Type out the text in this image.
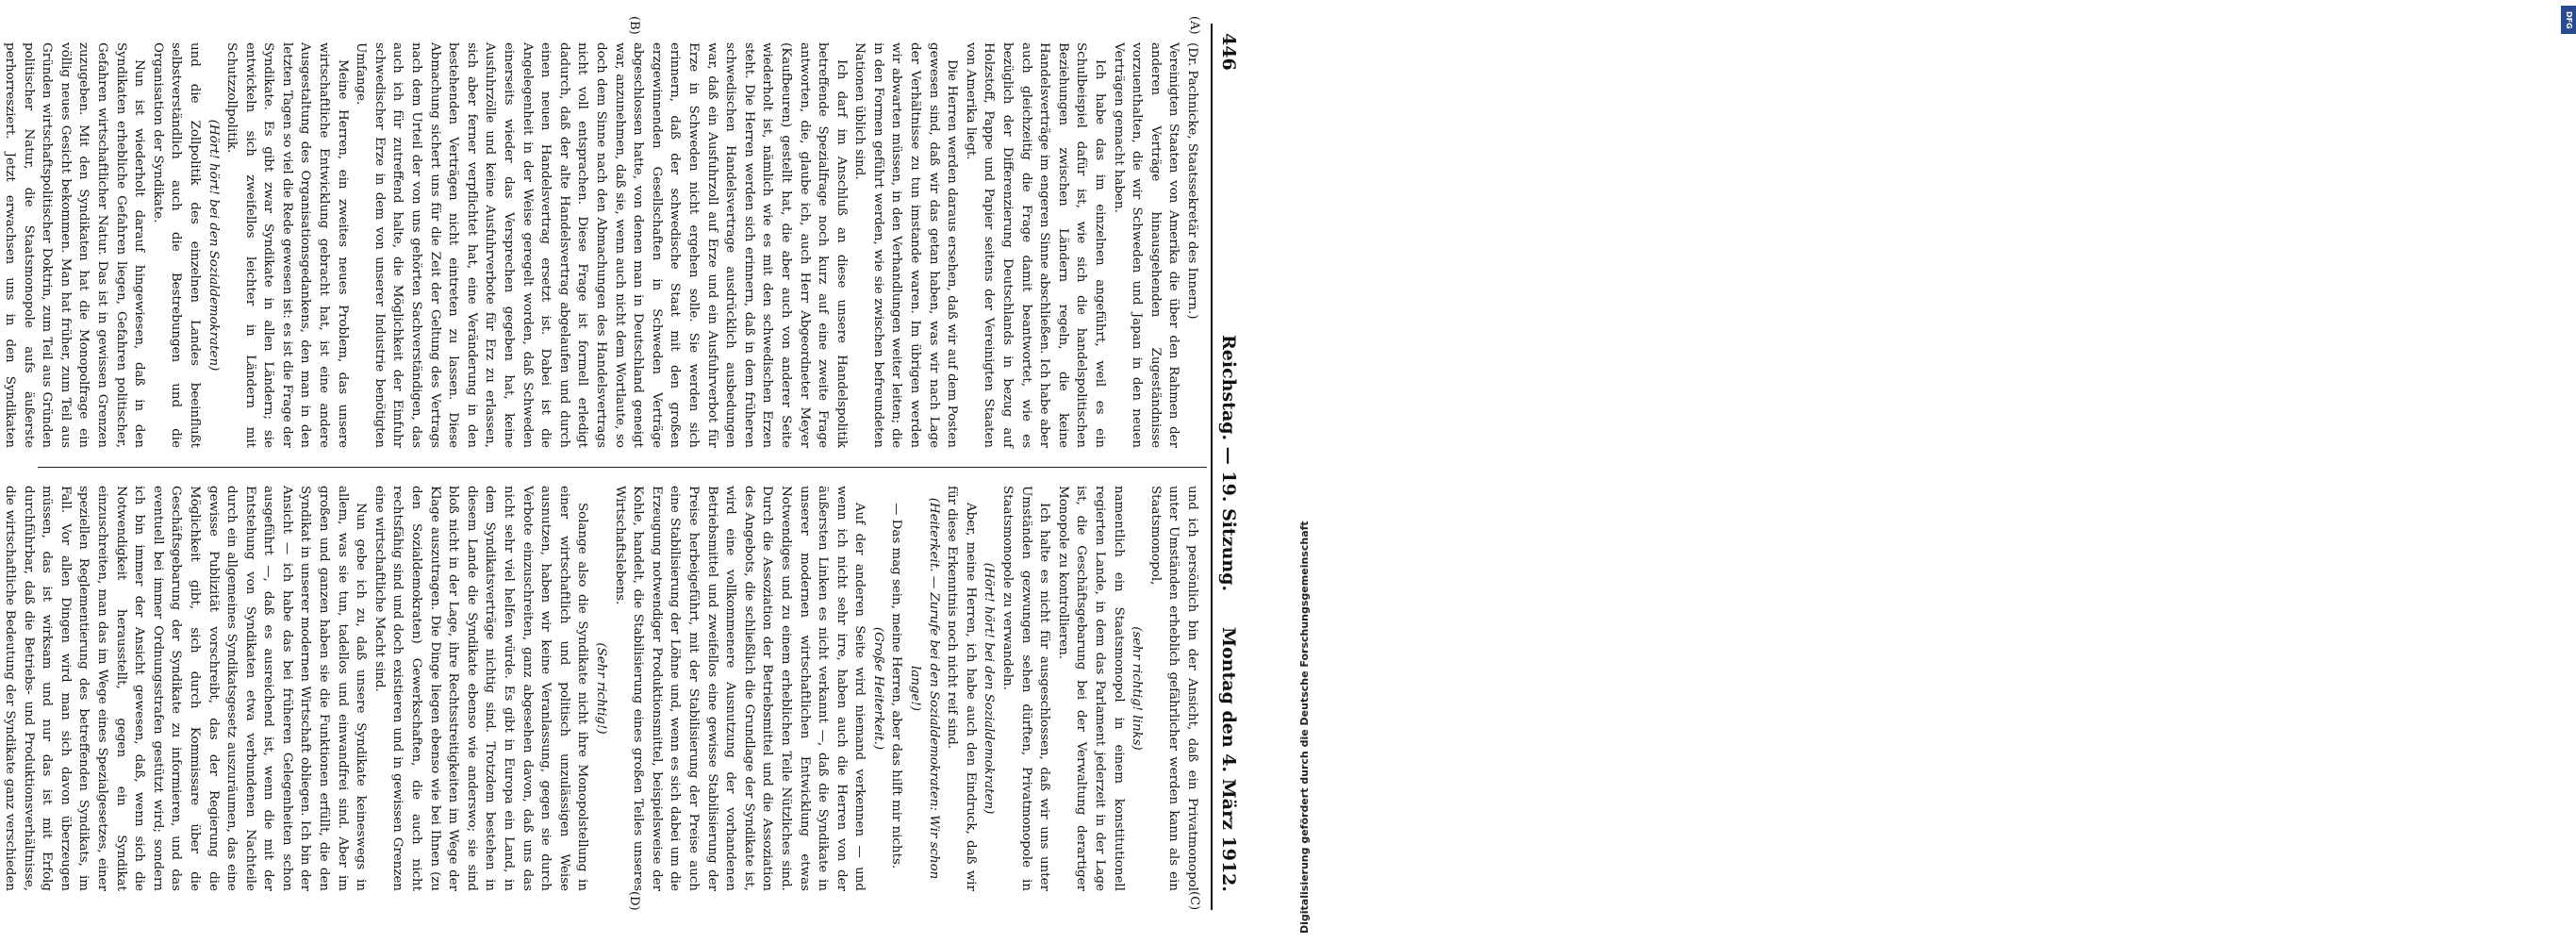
446
Reichstag. — 19. Sitzung.
Montag den 4. März 1912.
(A)
(B)
(C)
(D)

(Dr. Pachnicke, Staatssekretär des Innern.)

Vereinigten Staaten von Amerika die über den Rahmen der anderen Verträge hinausgehenden Zugeständnisse vorzuenthalten, die wir Schweden und Japan in den neuen Verträgen gemacht haben.

Ich habe das im einzelnen angeführt, weil es ein Schulbeispiel dafür ist, wie sich die handelspolitischen Beziehungen zwischen Ländern regeln, die keine Handelsverträge im engeren Sinne abschließen. Ich habe aber auch gleichzeitig die Frage damit beantwortet, wie es bezüglich der Differenzierung Deutschlands in bezug auf Holzstoff, Pappe und Papier seitens der Vereinigten Staaten von Amerika liegt.

Die Herren werden daraus ersehen, daß wir auf dem Posten gewesen sind, daß wir das getan haben, was wir nach Lage der Verhältnisse zu tun imstande waren. Im übrigen werden wir abwarten müssen, in den Verhandlungen weiter leiten; die in den Formen geführt werden, wie sie zwischen befreundeten Nationen üblich sind.

Ich darf im Anschluß an diese unsere Handelspolitik betreffende Spezialfrage noch kurz auf eine zweite Frage antworten, die, glaube ich, auch Herr Abgeordneter Meyer (Kaufbeuren) gestellt hat, die aber auch von anderer Seite wiederholt ist, nämlich wie es mit den schwedischen Erzen steht. Die Herren werden sich erinnern, daß in dem früheren schwedischen Handelsvertrage ausdrücklich ausbedungen war, daß ein Ausfuhrzoll auf Erze und ein Ausfuhrverbot für Erze in Schweden nicht ergehen solle. Sie werden sich erinnern, daß der schwedische Staat mit den großen erzgewinnenden Gesellschaften in Schweden Verträge abgeschlossen hatte, von denen man in Deutschland geneigt war, anzunehmen, daß sie, wenn auch nicht dem Wortlaute, so doch dem Sinne nach den Abmachungen des Handelsvertrags nicht voll entsprachen. Diese Frage ist formell erledigt dadurch, daß der alte Handelsvertrag abgelaufen und durch einen neuen Handelsvertrag ersetzt ist. Dabei ist die Angelegenheit in der Weise geregelt worden, daß Schweden einerseits wieder das Versprechen gegeben hat, keine Ausfuhrzölle und keine Ausfuhrverbote für Erz zu erlassen, sich aber ferner verpflichtet hat, eine Veränderung in den bestehenden Verträgen nicht eintreten zu lassen. Diese Abmachung sichert uns für die Zeit der Geltung des Vertrags nach dem Urteil der von uns gehörten Sachverständigen, das auch ich für zutreffend halte, die Möglichkeit der Einfuhr schwedischer Erze in dem von unserer Industrie benötigten Umfange.

Meine Herren, ein zweites neues Problem, das unsere wirtschaftliche Entwicklung gebracht hat, ist eine andere Ausgestaltung des Organisationsgedankens, den man in den letzten Tagen so viel die Rede gewesen ist: es ist die Frage der Syndikate. Es gibt zwar Syndikate in allen Ländern; sie entwickeln sich zweifellos leichter in Ländern mit Schutzzollpolitik.

(Hört! hört! bei den Sozialdemokraten)

und die Zollpolitik des einzelnen Landes beeinflußt selbstverständlich auch die Bestrebungen und die Organisation der Syndikate.

Nun ist wiederholt darauf hingewiesen, daß in den Syndikaten erhebliche Gefahren liegen, Gefahren politischer, Gefahren wirtschaftlicher Natur. Das ist in gewissen Grenzen zuzugeben. Mit den Syndikaten hat die Monopolfrage ein völlig neues Gesicht bekommen. Man hat früher, zum Teil aus Gründen wirtschaftspolitischer Doktrin, zum Teil aus Gründen politischer Natur, die Staatsmonopole aufs äußerste perhorresziert. Jetzt erwachsen uns in den Syndikaten

und ich persönlich bin der Ansicht, daß ein Privatmonopol unter Umständen erheblich gefährlicher werden kann als ein Staatsmonopol,

(sehr richtig! links)

namentlich ein Staatsmonopol in einem konstitutionell regierten Lande, in dem das Parlament jederzeit in der Lage ist, die Geschäftsgebarung bei der Verwaltung derartiger Monopole zu kontrollieren.

Ich halte es nicht für ausgeschlossen, daß wir uns unter Umständen gezwungen sehen dürften, Privatmonopole in Staatsmonopole zu verwandeln.

(Hört! hört! bei den Sozialdemokraten)

Aber, meine Herren, ich habe auch den Eindruck, daß wir für diese Erkenntnis noch nicht reif sind.

(Heiterkeit. — Zurufe bei den Sozialdemokraten: Wir schon lange!)

— Das mag sein, meine Herren, aber das hilft mir nichts.

(Große Heiterkeit.)

Auf der anderen Seite wird niemand verkennen — und wenn ich nicht sehr irre, haben auch die Herren von der äußersten Linken es nicht verkannt —, daß die Syndikate in unserer modernen wirtschaftlichen Entwicklung etwas Notwendiges und zu einem erheblichen Teile Nützliches sind. Durch die Assoziation der Betriebsmittel und die Assoziation des Angebots, die schließlich die Grundlage der Syndikate ist, wird eine vollkommenere Ausnutzung der vorhandenen Betriebsmittel und zweifellos eine gewisse Stabilisierung der Preise herbeigeführt, mit der Stabilisierung der Preise auch eine Stabilisierung der Löhne und, wenn es sich dabei um die Erzeugung notwendiger Produktionsmittel, beispielsweise der Kohle, handelt, die Stabilisierung eines großen Teiles unseres Wirtschaftslebens.

(Sehr richtig!)

Solange also die Syndikate nicht ihre Monopolstellung in einer wirtschaftlich und politisch unzulässigen Weise ausnutzen, haben wir keine Veranlassung, gegen sie durch Verbote einzuschreiten, ganz abgesehen davon, daß uns das nicht sehr viel helfen würde. Es gibt in Europa ein Land, in dem Syndikatsverträge nichtig sind. Trotzdem bestehen in diesem Lande die Syndikate ebenso wie anderswo; sie sind bloß nicht in der Lage, ihre Rechtsstreitigkeiten im Wege der Klage auszutragen. Die Dinge liegen ebenso wie bei Ihnen (zu den Sozialdemokraten) Gewerkschaften, die auch nicht rechtsfähig sind und doch existieren und in gewissen Grenzen eine wirtschaftliche Macht sind.

Nun gebe ich zu, daß unsere Syndikate keineswegs in allem, was sie tun, tadellos und einwandfrei sind. Aber im großen und ganzen haben sie die Funktionen erfüllt, die den Syndikat in unserer modernen Wirtschaft obliegen. Ich bin der Ansicht — ich habe das bei früheren Gelegenheiten schon ausgeführt —, daß es ausreichend ist, wenn die mit der Entstehung von Syndikaten etwa verbundenen Nachteile durch ein allgemeines Syndikatsgesetz auszuräumen, das eine gewisse Publizität vorschreibt, das der Regierung die Möglichkeit gibt, sich durch Kommissare über die Geschäftsgebarung der Syndikate zu informieren, und das eventuell bei immer Ordnungsstrafen gestützt wird; sondern ich bin immer der Ansicht gewesen, daß, wenn sich die Notwendigkeit herausstellt, gegen ein Syndikat einzuschreiten, man das im Wege eines Spezialgesetzes, einer speziellen Reglementierung des betreffenden Syndikats, im Fall. Vor allen Dingen wird man sich davon überzeugen müssen, das ist wirksam und nur das ist mit Erfolg durchführbar, daß die Betriebs- und Produktionsverhältnisse, die wirtschaftliche Bedeutung der Syndikate ganz verschieden

DFG
Digitalisierung gefördert durch die Deutsche Forschungsgemeinschaft
